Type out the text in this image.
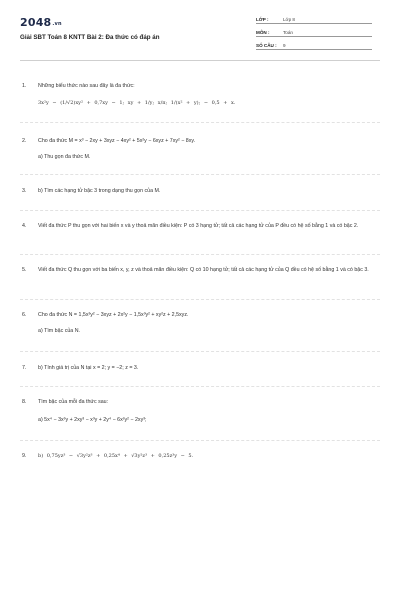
2048.vn
Giải SBT Toán 8 KNTT Bài 2: Đa thức có đáp án
LỚP :	Lớp 8
MÔN :	Toán
SỐ CÂU :	9
1.	Những biểu thức nào sau đây là đa thức:
3x²y − (1/√2)xy² + 0,7xy − 1; xy + 1/y; x/π; 1/(x² + y); − 0,5 + x.
2.	Cho đa thức M = x³ − 2xy + 3xyz − 4xy² + 5x²y − 6xyz + 7xy² − 8xy.
a) Thu gọn đa thức M.
3.	b) Tìm các hạng tử bậc 3 trong dạng thu gọn của M.
4.	Viết đa thức P thu gọn với hai biến x và y thoả mãn điều kiện: P có 3 hạng tử; tất cả các hạng tử của P đều có hệ số bằng 1 và có bậc 2.
5.	Viết đa thức Q thu gọn với ba biến x, y, z và thoả mãn điều kiện: Q có 10 hạng tử; tất cả các hạng tử của Q đều có hệ số bằng 1 và có bậc 3.
6.	Cho đa thức N = 1,5x³y² − 3xyz + 2x²y − 1,5x³y² + xy²z + 2,5xyz.
a) Tìm bậc của N.
7.	b) Tính giá trị của N tại x = 2; y = −2; z = 3.
8.	Tìm bậc của mỗi đa thức sau:
a) 5x⁴ − 3x³y + 2xy³ − x³y + 2y⁴ − 6x²y² − 2xy³;
9.	b) 0,75yz³ − √3y²z³ + 0,25x⁴ + √3y²z³ + 0,25z³y − 5.
